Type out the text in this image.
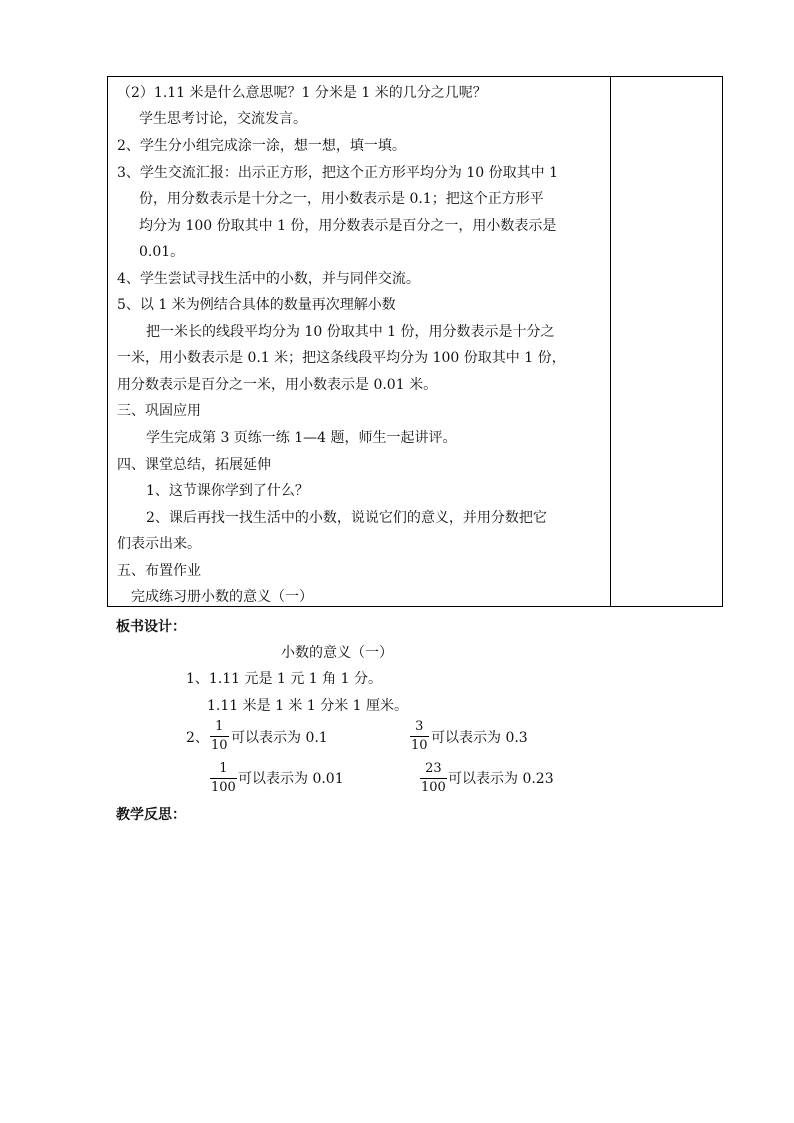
（2）1.11 米是什么意思呢？1 分米是 1 米的几分之几呢？
学生思考讨论，交流发言。
2、学生分小组完成涂一涂，想一想，填一填。
3、学生交流汇报：出示正方形，把这个正方形平均分为 10 份取其中 1
份，用分数表示是十分之一，用小数表示是 0.1；把这个正方形平
均分为 100 份取其中 1 份，用分数表示是百分之一，用小数表示是
0.01。
4、学生尝试寻找生活中的小数，并与同伴交流。
5、以 1 米为例结合具体的数量再次理解小数
把一米长的线段平均分为 10 份取其中 1 份，用分数表示是十分之
一米，用小数表示是 0.1 米；把这条线段平均分为 100 份取其中 1 份，
用分数表示是百分之一米，用小数表示是 0.01 米。
三、巩固应用
学生完成第 3 页练一练 1—4 题，师生一起讲评。
四、课堂总结，拓展延伸
1、这节课你学到了什么？
2、课后再找一找生活中的小数，说说它们的意义，并用分数把它
们表示出来。
五、布置作业
完成练习册小数的意义（一）
板书设计：
小数的意义（一）
1、1.11 元是 1 元 1 角 1 分。
1.11 米是 1 米 1 分米 1 厘米。
2、
1
10 可以表示为 0.1
3
10 可以表示为 0.3
1
100
可以表示为 0.01
23
100
可以表示为 0.23
教学反思：
